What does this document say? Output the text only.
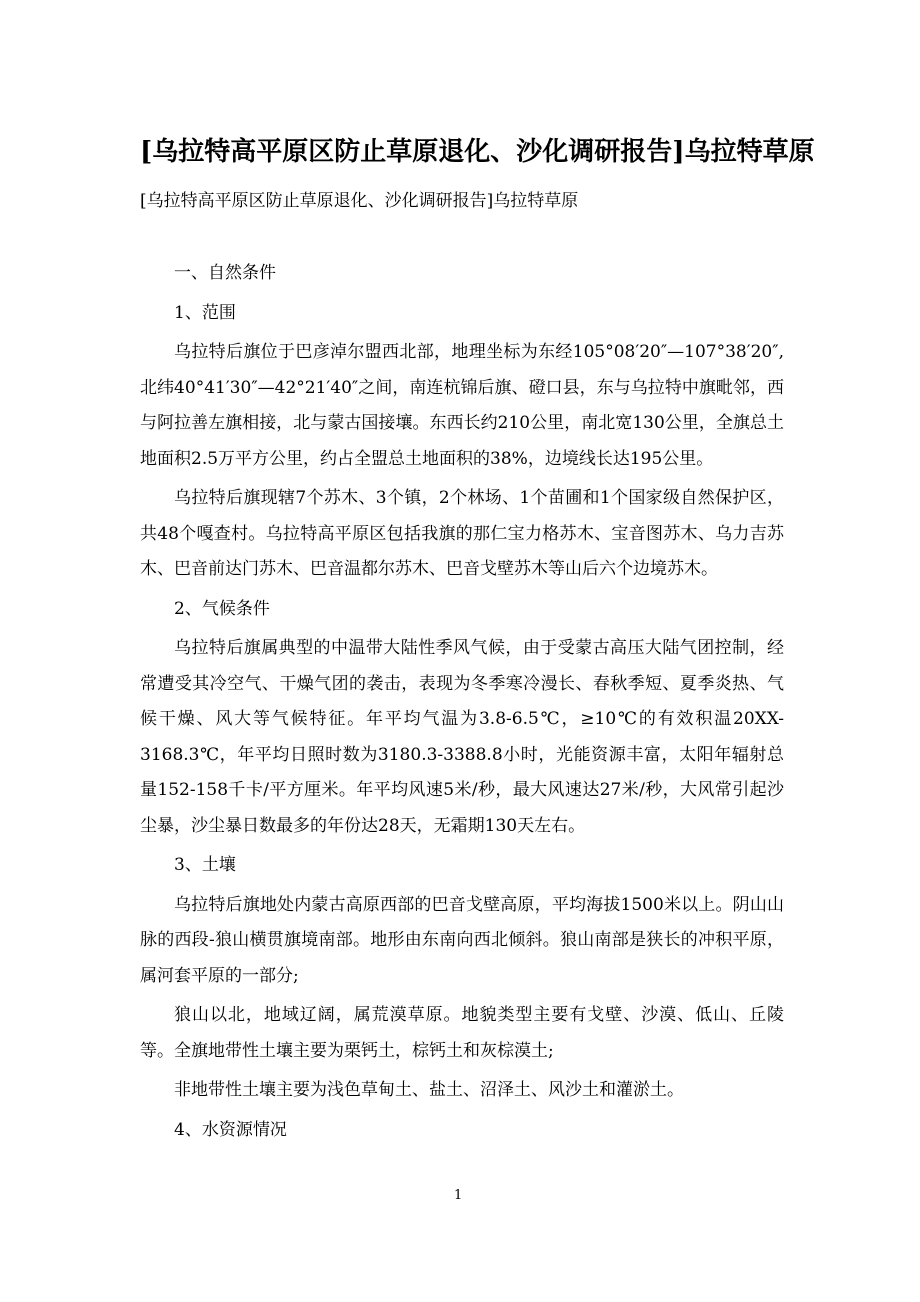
[乌拉特高平原区防止草原退化、沙化调研报告]乌拉特草原
[乌拉特高平原区防止草原退化、沙化调研报告]乌拉特草原

一、自然条件

1、范围

乌拉特后旗位于巴彦淖尔盟西北部，地理坐标为东经105°08′20″—107°38′20″,北纬40°41′30″—42°21′40″之间，南连杭锦后旗、磴口县，东与乌拉特中旗毗邻，西与阿拉善左旗相接，北与蒙古国接壤。东西长约210公里，南北宽130公里，全旗总土地面积2.5万平方公里，约占全盟总土地面积的38%，边境线长达195公里。

乌拉特后旗现辖7个苏木、3个镇，2个林场、1个苗圃和1个国家级自然保护区，共48个嘎查村。乌拉特高平原区包括我旗的那仁宝力格苏木、宝音图苏木、乌力吉苏木、巴音前达门苏木、巴音温都尔苏木、巴音戈壁苏木等山后六个边境苏木。

2、气候条件

乌拉特后旗属典型的中温带大陆性季风气候，由于受蒙古高压大陆气团控制，经常遭受其冷空气、干燥气团的袭击，表现为冬季寒冷漫长、春秋季短、夏季炎热、气候干燥、风大等气候特征。年平均气温为3.8-6.5℃，≥10℃的有效积温20XX-3168.3℃，年平均日照时数为3180.3-3388.8小时，光能资源丰富，太阳年辐射总量152-158千卡/平方厘米。年平均风速5米/秒，最大风速达27米/秒，大风常引起沙尘暴，沙尘暴日数最多的年份达28天，无霜期130天左右。

3、土壤

乌拉特后旗地处内蒙古高原西部的巴音戈壁高原，平均海拔1500米以上。阴山山脉的西段-狼山横贯旗境南部。地形由东南向西北倾斜。狼山南部是狭长的冲积平原，属河套平原的一部分;

狼山以北，地域辽阔，属荒漠草原。地貌类型主要有戈壁、沙漠、低山、丘陵等。全旗地带性土壤主要为栗钙土，棕钙土和灰棕漠土;

非地带性土壤主要为浅色草甸土、盐土、沼泽土、风沙土和灌淤土。

4、水资源情况

1
